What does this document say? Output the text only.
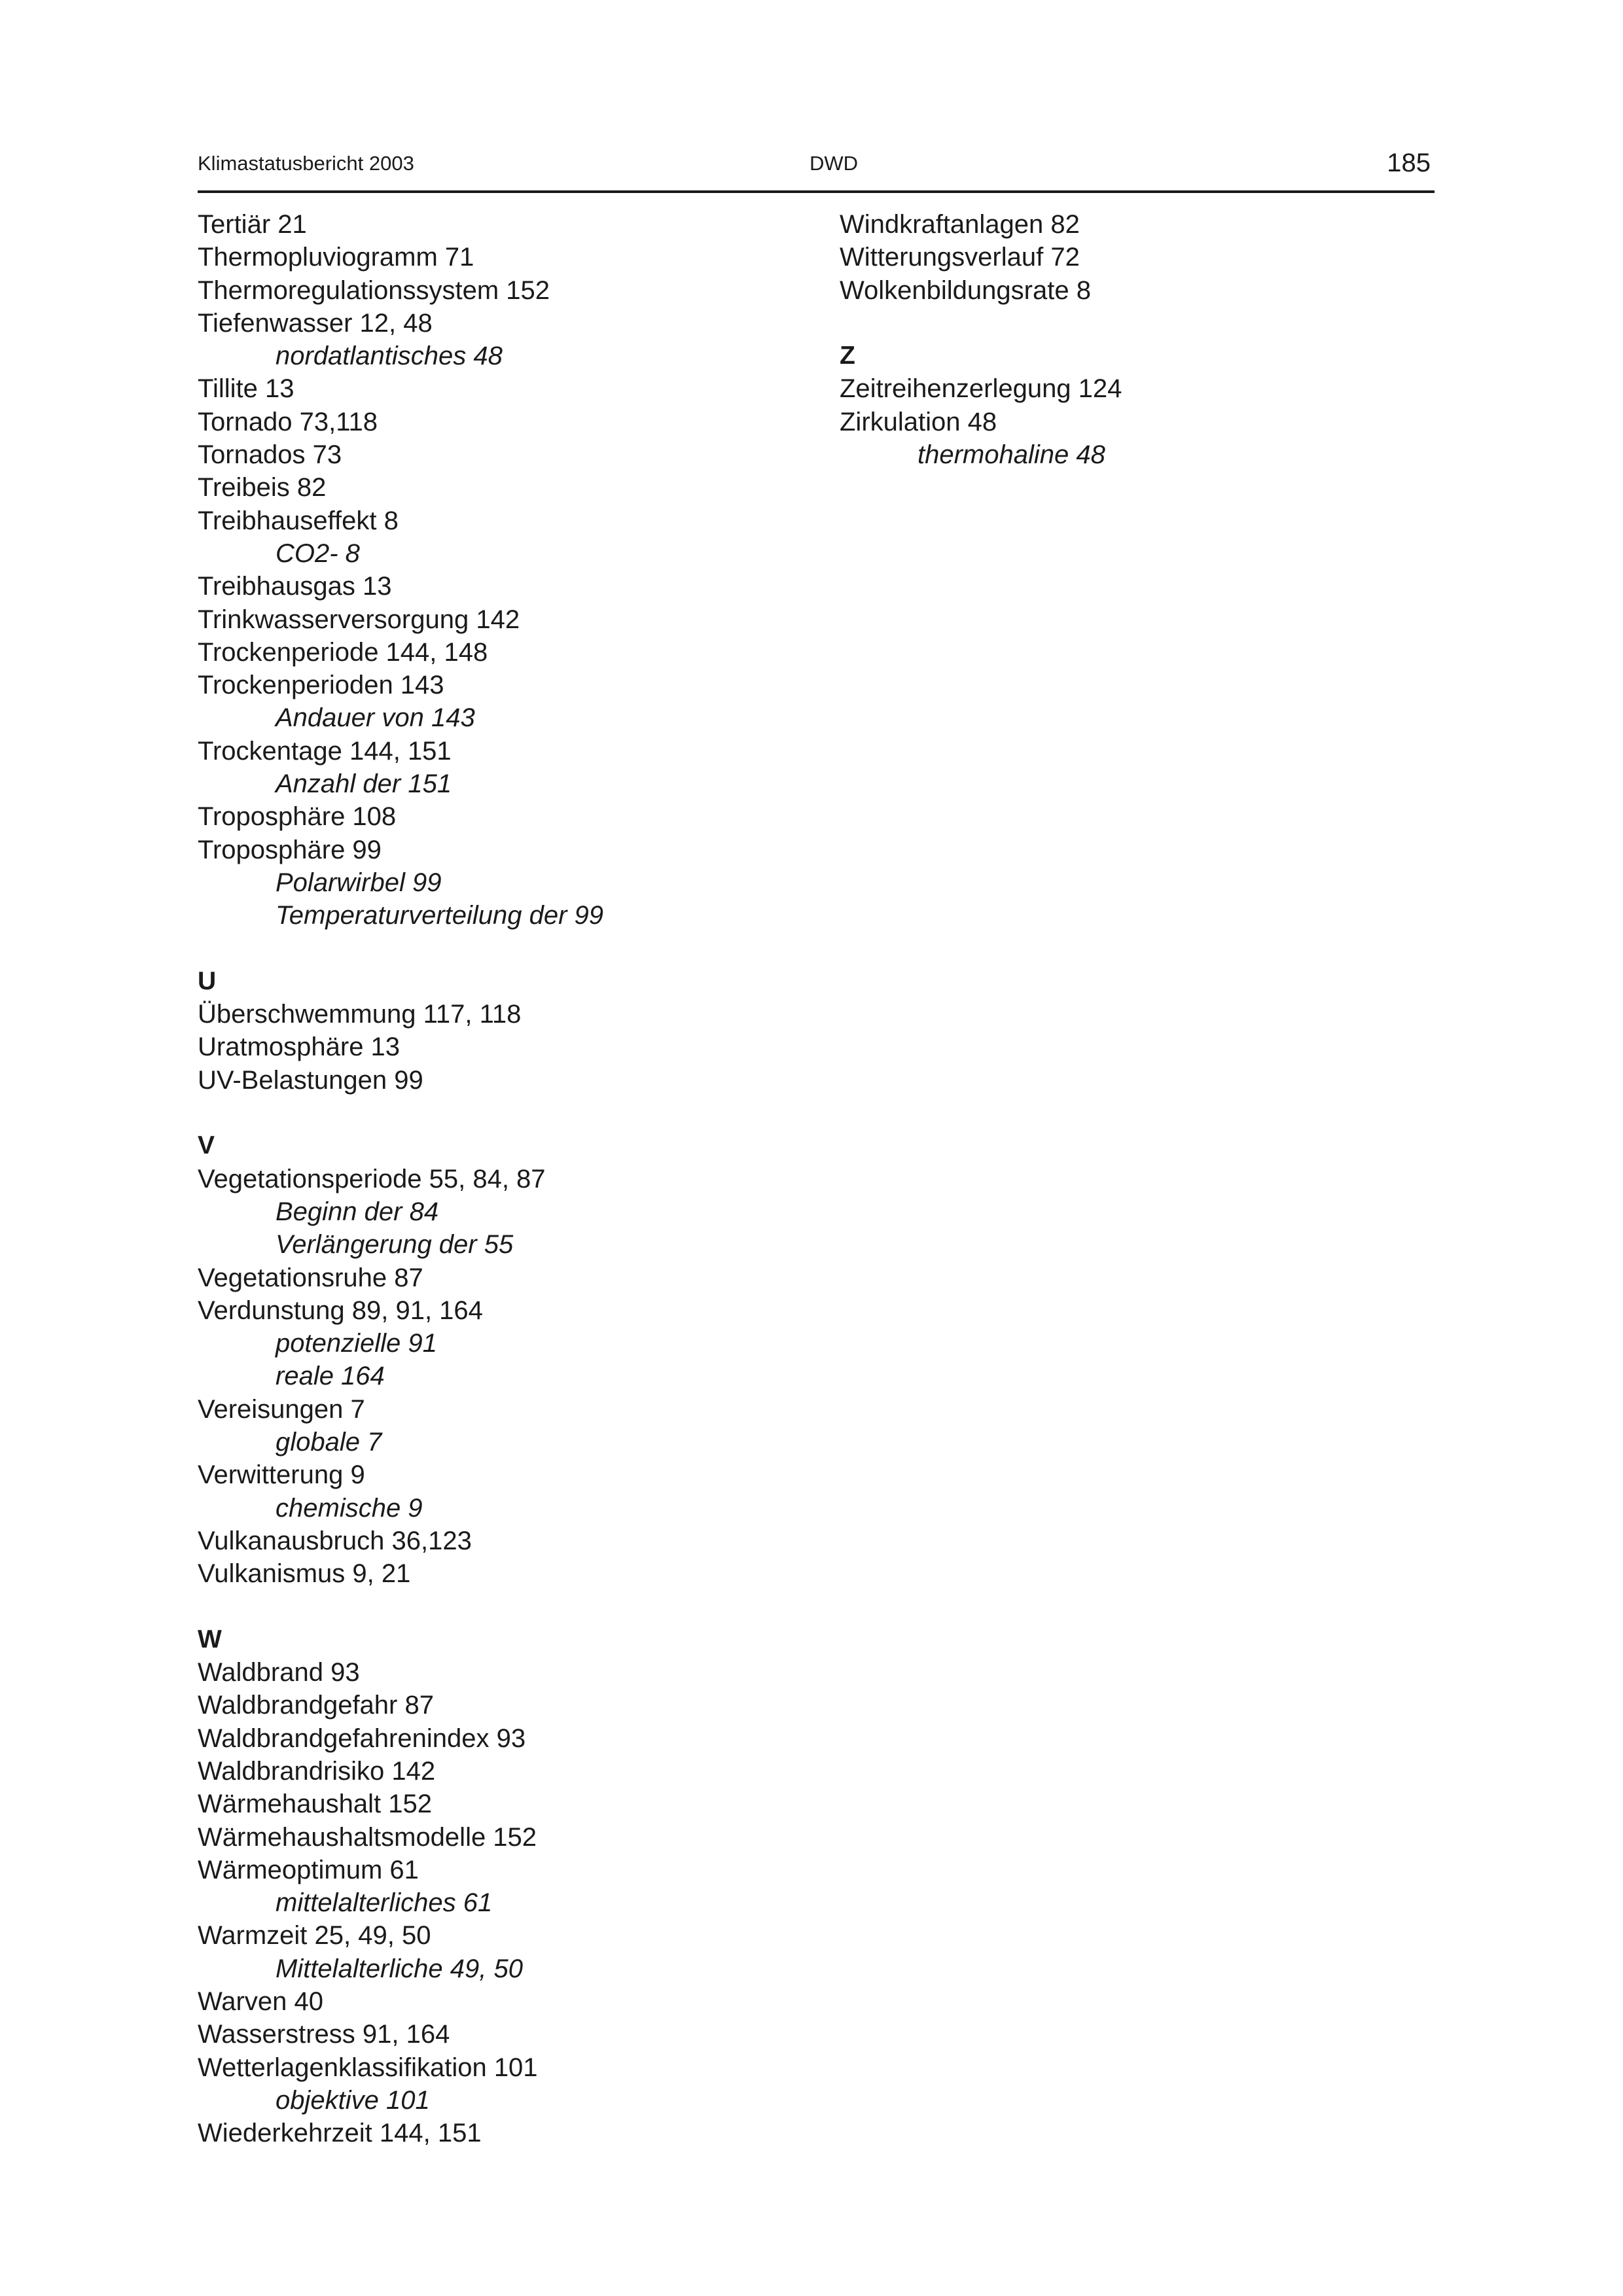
Klimastatusbericht 2003	DWD	185
Tertiär 21
Thermopluviogramm 71
Thermoregulationssystem 152
Tiefenwasser 12, 48
nordatlantisches 48
Tillite 13
Tornado 73,118
Tornados 73
Treibeis 82
Treibhauseffekt 8
CO2- 8
Treibhausgas 13
Trinkwasserversorgung 142
Trockenperiode 144, 148
Trockenperioden 143
Andauer von 143
Trockentage 144, 151
Anzahl der 151
Troposphäre 108
Troposphäre 99
Polarwirbel 99
Temperaturverteilung der 99
U
Überschwemmung 117, 118
Uratmosphäre 13
UV-Belastungen 99
V
Vegetationsperiode 55, 84, 87
Beginn der 84
Verlängerung der 55
Vegetationsruhe 87
Verdunstung 89, 91, 164
potenzielle 91
reale 164
Vereisungen 7
globale 7
Verwitterung 9
chemische 9
Vulkanausbruch 36,123
Vulkanismus 9, 21
W
Waldbrand 93
Waldbrandgefahr 87
Waldbrandgefahrenindex 93
Waldbrandrisiko 142
Wärmehaushalt 152
Wärmehaushaltsmodelle 152
Wärmeoptimum 61
mittelalterliches 61
Warmzeit 25, 49, 50
Mittelalterliche 49, 50
Warven 40
Wasserstress 91, 164
Wetterlagenklassifikation 101
objektive 101
Wiederkehrzeit 144, 151
Windkraftanlagen 82
Witterungsverlauf 72
Wolkenbildungsrate 8
Z
Zeitreihenzerlegung 124
Zirkulation 48
thermohaline 48
